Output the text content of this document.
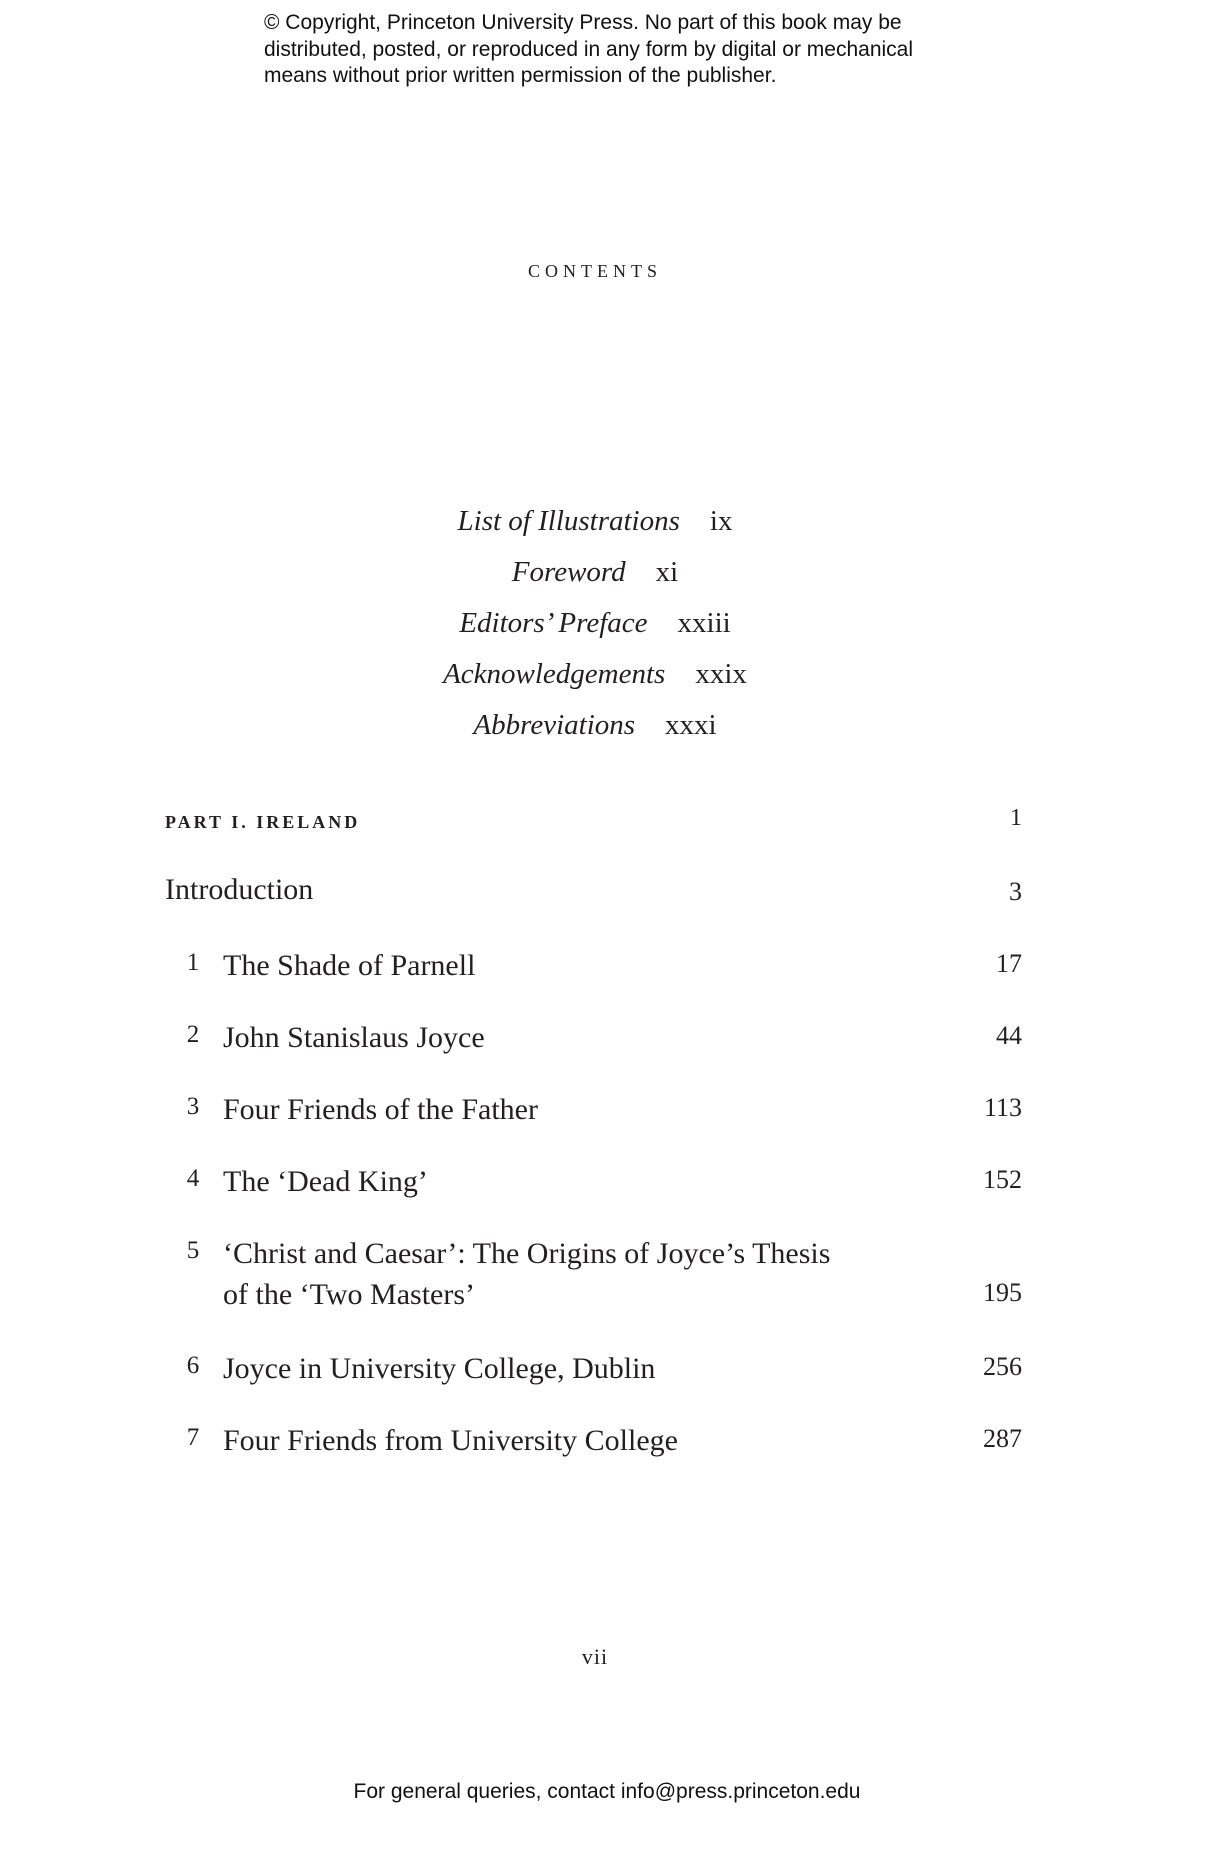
© Copyright, Princeton University Press. No part of this book may be
distributed, posted, or reproduced in any form by digital or mechanical
means without prior written permission of the publisher.
contents
List of Illustrations ix
Foreword xi
Editors’ Preface xxiii
Acknowledgements xxix
Abbreviations xxxi
PART I. IRELAND	1
Introduction	3
1 The Shade of Parnell	17
2 John Stanislaus Joyce	44
3 Four Friends of the Father	113
4 The ‘Dead King’	152
5 ‘Christ and Caesar’: The Origins of Joyce’s Thesis of the ‘Two Masters’	195
6 Joyce in University College, Dublin	256
7 Four Friends from University College	287
vii
For general queries, contact info@press.princeton.edu
